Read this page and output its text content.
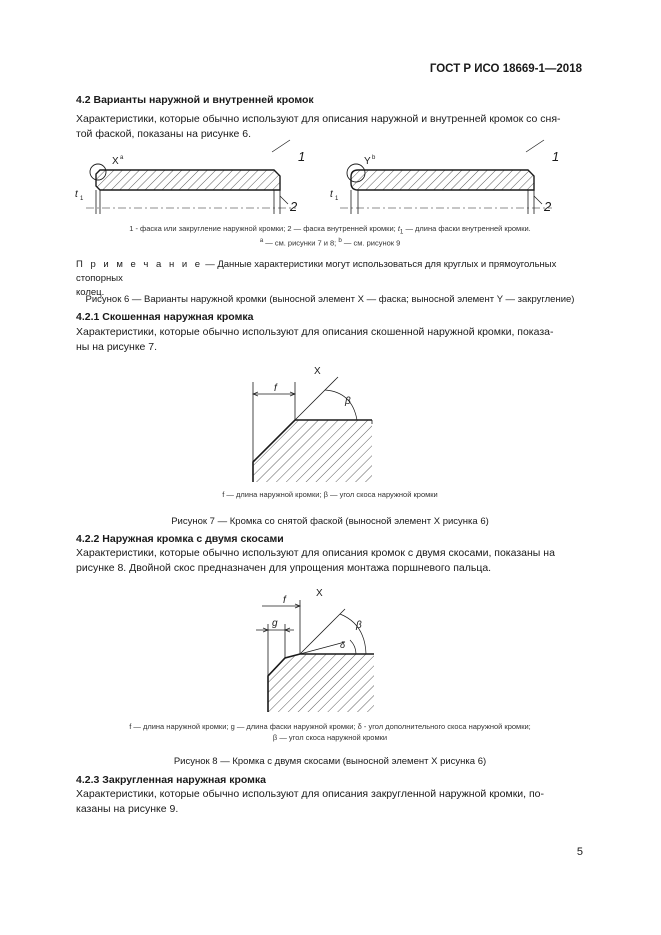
ГОСТ Р ИСО 18669-1—2018
4.2 Варианты наружной и внутренней кромок
Характеристики, которые обычно используют для описания наружной и внутренней кромок со сня-
той фаской, показаны на рисунке 6.
X a	1
2
t 1
Y b	1
2
t 1
1 - фаска или закругление наружной кромки; 2 — фаска внутренней кромки; $t_1$ — длина фаски внутренней кромки.
$^a$ — см. рисунки 7 и 8; $^b$ — см. рисунок 9
П р и м е ч а н и е — Данные характеристики могут использоваться для круглых и прямоугольных стопорных
колец.
Рисунок 6 — Варианты наружной кромки (выносной элемент X — фаска; выносной элемент Y — закругление)
4.2.1 Скошенная наружная кромка
Характеристики, которые обычно используют для описания скошенной наружной кромки, показа-
ны на рисунке 7.
X
f
β
f — длина наружной кромки; β — угол скоса наружной кромки
Рисунок 7 — Кромка со снятой фаской (выносной элемент X рисунка 6)
4.2.2 Наружная кромка с двумя скосами
Характеристики, которые обычно используют для описания кромок с двумя скосами, показаны на
рисунке 8. Двойной скос предназначен для упрощения монтажа поршневого пальца.
X
f
g	β
δ
f — длина наружной кромки; g — длина фаски наружной кромки; δ - угол дополнительного скоса наружной кромки;
β — угол скоса наружной кромки
Рисунок 8 — Кромка с двумя скосами (выносной элемент X рисунка 6)
4.2.3 Закругленная наружная кромка
Характеристики, которые обычно используют для описания закругленной наружной кромки, по-
казаны на рисунке 9.
5
